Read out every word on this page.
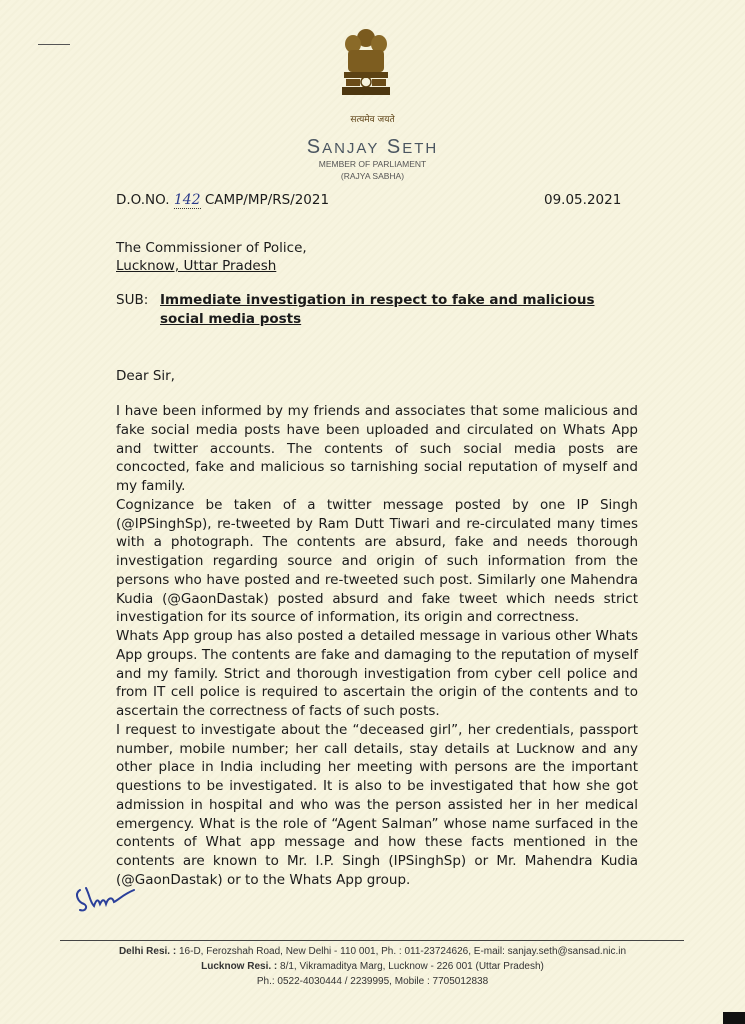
सत्यमेव जयते
SANJAY SETH
MEMBER OF PARLIAMENT
(RAJYA SABHA)
D.O.NO. 142 CAMP/MP/RS/2021	09.05.2021
The Commissioner of Police,
Lucknow, Uttar Pradesh
SUB: Immediate investigation in respect to fake and malicious
social media posts
Dear Sir,

I have been informed by my friends and associates that some malicious and fake social media posts have been uploaded and circulated on Whats App and twitter accounts. The contents of such social media posts are concocted, fake and malicious so tarnishing social reputation of myself and my family.

Cognizance be taken of a twitter message posted by one IP Singh (@IPSinghSp), re-tweeted by Ram Dutt Tiwari and re-circulated many times with a photograph. The contents are absurd, fake and needs thorough investigation regarding source and origin of such information from the persons who have posted and re-tweeted such post. Similarly one Mahendra Kudia (@GaonDastak) posted absurd and fake tweet which needs strict investigation for its source of information, its origin and correctness.

Whats App group has also posted a detailed message in various other Whats App groups. The contents are fake and damaging to the reputation of myself and my family. Strict and thorough investigation from cyber cell police and from IT cell police is required to ascertain the origin of the contents and to ascertain the correctness of facts of such posts.

I request to investigate about the “deceased girl”, her credentials, passport number, mobile number; her call details, stay details at Lucknow and any other place in India including her meeting with persons are the important questions to be investigated. It is also to be investigated that how she got admission in hospital and who was the person assisted her in her medical emergency. What is the role of “Agent Salman” whose name surfaced in the contents of What app message and how these facts mentioned in the contents are known to Mr. I.P. Singh (IPSinghSp) or Mr. Mahendra Kudia (@GaonDastak) or to the Whats App group.

Delhi Resi. : 16-D, Ferozshah Road, New Delhi - 110 001, Ph. : 011-23724626, E-mail: sanjay.seth@sansad.nic.in
Lucknow Resi. : 8/1, Vikramaditya Marg, Lucknow - 226 001 (Uttar Pradesh)
Ph.: 0522-4030444 / 2239995, Mobile : 7705012838
